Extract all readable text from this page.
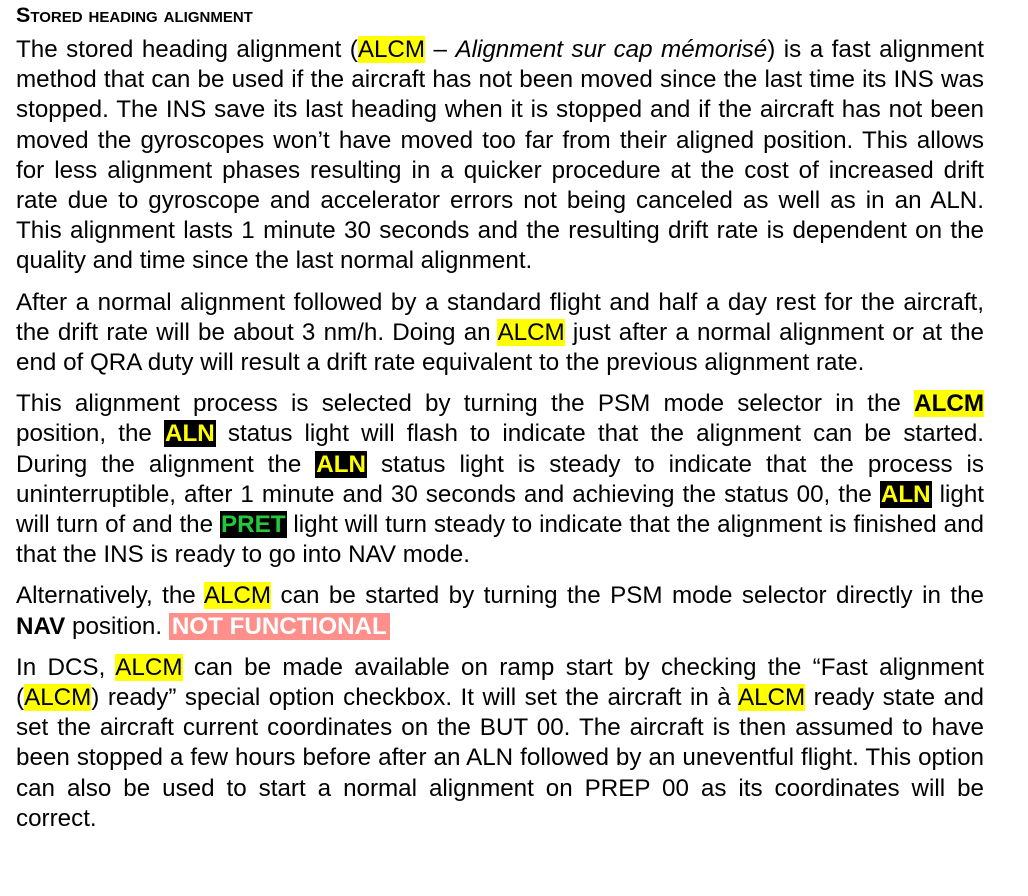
Stored heading alignment

The stored heading alignment (ALCM – Alignment sur cap mémorisé) is a fast alignment method that can be used if the aircraft has not been moved since the last time its INS was stopped. The INS save its last heading when it is stopped and if the aircraft has not been moved the gyroscopes won’t have moved too far from their aligned position. This allows for less alignment phases resulting in a quicker procedure at the cost of increased drift rate due to gyroscope and accelerator errors not being canceled as well as in an ALN. This alignment lasts 1 minute 30 seconds and the resulting drift rate is dependent on the quality and time since the last normal alignment.

After a normal alignment followed by a standard flight and half a day rest for the aircraft, the drift rate will be about 3 nm/h. Doing an ALCM just after a normal alignment or at the end of QRA duty will result a drift rate equivalent to the previous alignment rate.

This alignment process is selected by turning the PSM mode selector in the ALCM position, the ALN status light will flash to indicate that the alignment can be started. During the alignment the ALN status light is steady to indicate that the process is uninterruptible, after 1 minute and 30 seconds and achieving the status 00, the ALN light will turn of and the PRET light will turn steady to indicate that the alignment is finished and that the INS is ready to go into NAV mode.

Alternatively, the ALCM can be started by turning the PSM mode selector directly in the NAV position. NOT FUNCTIONAL

In DCS, ALCM can be made available on ramp start by checking the “Fast alignment (ALCM) ready” special option checkbox. It will set the aircraft in à ALCM ready state and set the aircraft current coordinates on the BUT 00. The aircraft is then assumed to have been stopped a few hours before after an ALN followed by an uneventful flight. This option can also be used to start a normal alignment on PREP 00 as its coordinates will be correct.
